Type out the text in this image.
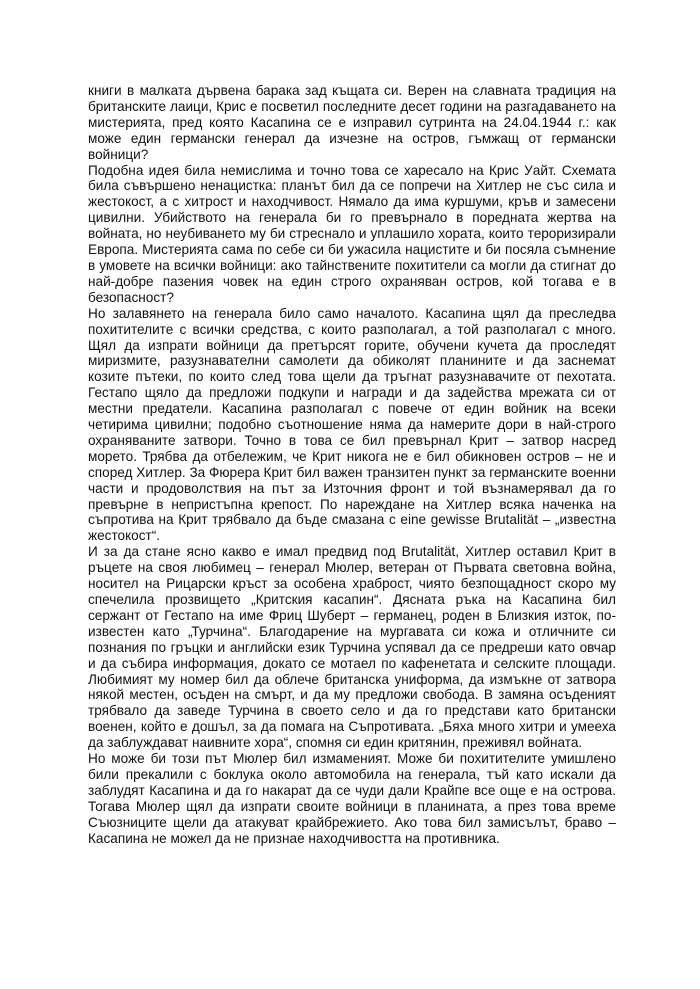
книги в малката дървена барака зад къщата си. Верен на славната традиция на британските лаици, Крис е посветил последните десет години на разгадаването на мистерията, пред която Касапина се е изправил сутринта на 24.04.1944 г.: как може един германски генерал да изчезне на остров, гъмжащ от германски войници?

Подобна идея била немислима и точно това се харесало на Крис Уайт. Схемата била съвършено ненацистка: планът бил да се попречи на Хитлер не със сила и жестокост, а с хитрост и находчивост. Нямало да има куршуми, кръв и замесени цивилни. Убийството на генерала би го превърнало в поредната жертва на войната, но неубиването му би стреснало и уплашило хората, които тероризирали Европа. Мистерията сама по себе си би ужасила нацистите и би посяла съмнение в умовете на всички войници: ако тайнствените похитители са могли да стигнат до най-добре пазения човек на един строго охраняван остров, кой тогава е в безопасност?

Но залавянето на генерала било само началото. Касапина щял да преследва похитителите с всички средства, с които разполагал, а той разполагал с много. Щял да изпрати войници да претърсят горите, обучени кучета да проследят миризмите, разузнавателни самолети да обиколят планините и да заснемат козите пътеки, по които след това щели да тръгнат разузнавачите от пехотата. Гестапо щяло да предложи подкупи и награди и да задейства мрежата си от местни предатели. Касапина разполагал с повече от един войник на всеки четирима цивилни; подобно съотношение няма да намерите дори в най-строго охраняваните затвори. Точно в това се бил превърнал Крит – затвор насред морето. Трябва да отбележим, че Крит никога не е бил обикновен остров – не и според Хитлер. За Фюрера Крит бил важен транзитен пункт за германските военни части и продоволствия на път за Източния фронт и той възнамерявал да го превърне в непристъпна крепост. По нареждане на Хитлер всяка наченка на съпротива на Крит трябвало да бъде смазана с eine gewisse Brutalität – „известна жестокост“.

И за да стане ясно какво е имал предвид под Brutalität, Хитлер оставил Крит в ръцете на своя любимец – генерал Мюлер, ветеран от Първата световна война, носител на Рицарски кръст за особена храброст, чиято безпощадност скоро му спечелила прозвището „Критския касапин“. Дясната ръка на Касапина бил сержант от Гестапо на име Фриц Шуберт – германец, роден в Близкия изток, по-известен като „Турчина“. Благодарение на мургавата си кожа и отличните си познания по гръцки и английски език Турчина успявал да се предреши като овчар и да събира информация, докато се мотаел по кафенетата и селските площади. Любимият му номер бил да облече британска униформа, да измъкне от затвора някой местен, осъден на смърт, и да му предложи свобода. В замяна осъденият трябвало да заведе Турчина в своето село и да го представи като британски военен, който е дошъл, за да помага на Съпротивата. „Бяха много хитри и умееха да заблуждават наивните хора“, спомня си един критянин, преживял войната.

Но може би този път Мюлер бил измамeният. Може би похитителите умишлено били прекалили с боклука около автомобила на генерала, тъй като искали да заблудят Касапина и да го накарат да се чуди дали Крайпе все още е на острова. Тогава Мюлер щял да изпрати своите войници в планината, а през това време Съюзниците щели да атакуват крайбрежието. Ако това бил замисълът, браво – Касапина не можел да не признае находчивостта на противника.
